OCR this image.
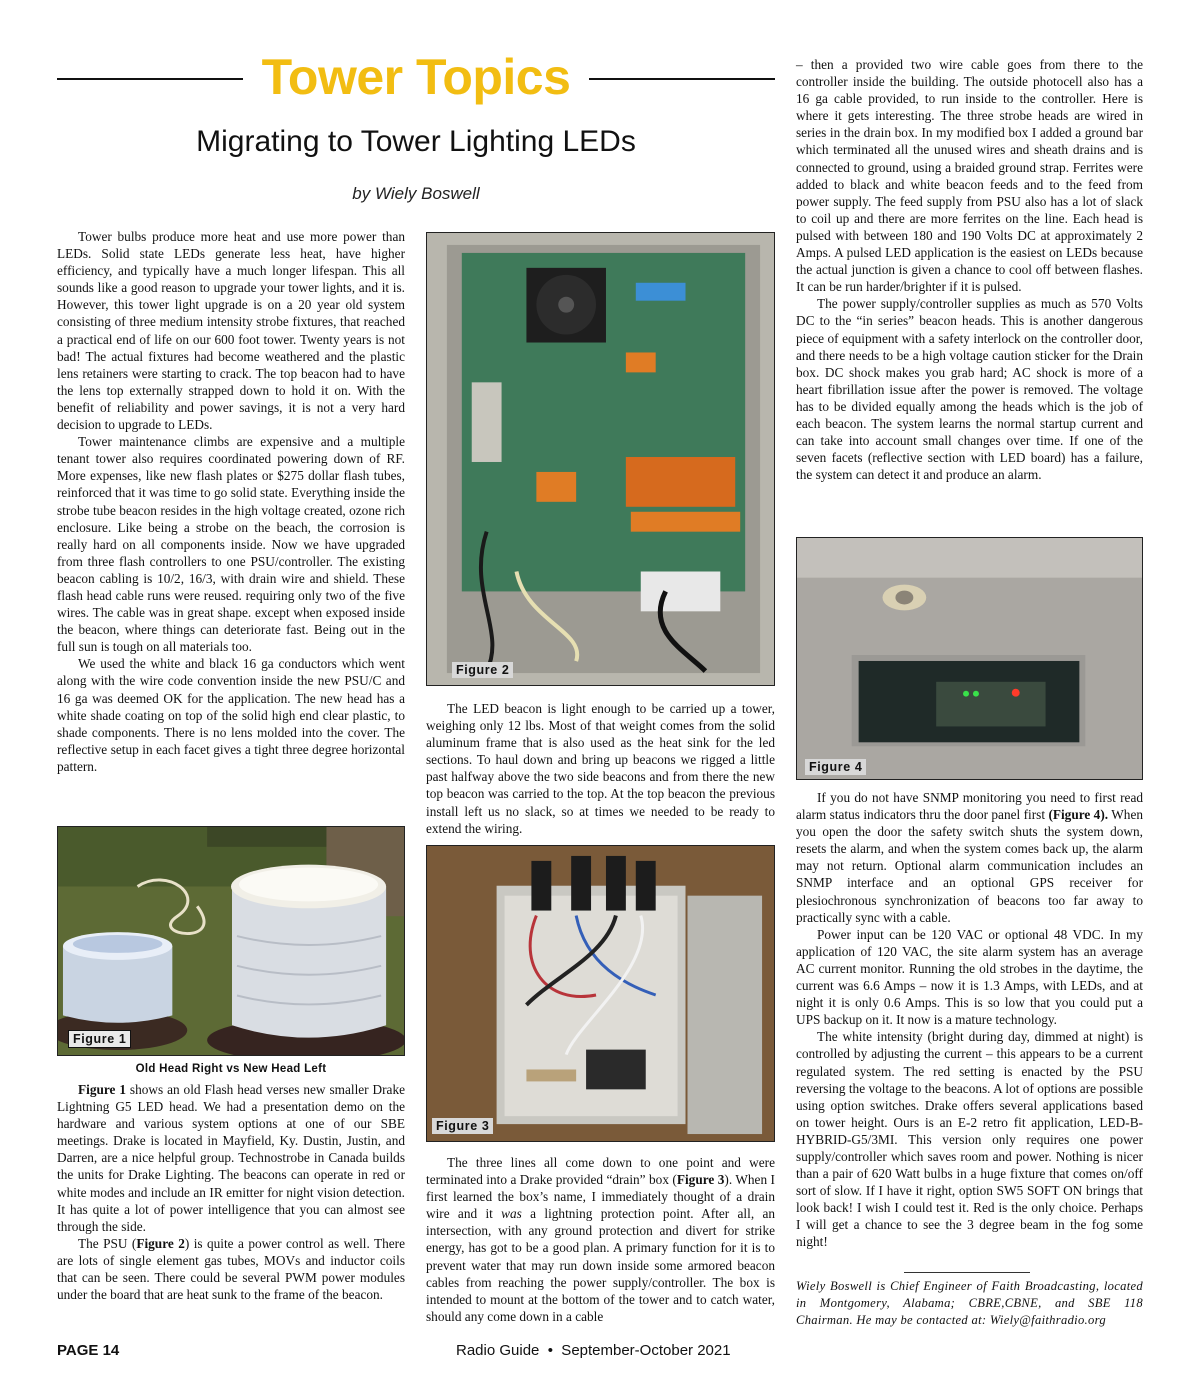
Tower Topics
Migrating to Tower Lighting LEDs
by Wiely Boswell

Tower bulbs produce more heat and use more power than LEDs. Solid state LEDs generate less heat, have higher efficiency, and typically have a much longer lifespan. This all sounds like a good reason to upgrade your tower lights, and it is. However, this tower light upgrade is on a 20 year old system consisting of three medium intensity strobe fixtures, that reached a practical end of life on our 600 foot tower. Twenty years is not bad! The actual fixtures had become weathered and the plastic lens retainers were starting to crack. The top beacon had to have the lens top externally strapped down to hold it on. With the benefit of reliability and power savings, it is not a very hard decision to upgrade to LEDs.

Tower maintenance climbs are expensive and a multiple tenant tower also requires coordinated powering down of RF. More expenses, like new flash plates or $275 dollar flash tubes, reinforced that it was time to go solid state. Everything inside the strobe tube beacon resides in the high voltage created, ozone rich enclosure. Like being a strobe on the beach, the corrosion is really hard on all components inside. Now we have upgraded from three flash controllers to one PSU/controller. The existing beacon cabling is 10/2, 16/3, with drain wire and shield. These flash head cable runs were reused. requiring only two of the five wires. The cable was in great shape. except when exposed inside the beacon, where things can deteriorate fast. Being out in the full sun is tough on all materials too.

We used the white and black 16 ga conductors which went along with the wire code convention inside the new PSU/C and 16 ga was deemed OK for the application. The new head has a white shade coating on top of the solid high end clear plastic, to shade components. There is no lens molded into the cover. The reflective setup in each facet gives a tight three degree horizontal pattern.

Figure 1
Old Head Right vs New Head Left

Figure 1 shows an old Flash head verses new smaller Drake Lightning G5 LED head. We had a presentation demo on the hardware and various system options at one of our SBE meetings. Drake is located in Mayfield, Ky. Dustin, Justin, and Darren, are a nice helpful group. Technostrobe in Canada builds the units for Drake Lighting. The beacons can operate in red or white modes and include an IR emitter for night vision detection. It has quite a lot of power intelligence that you can almost see through the side.

The PSU (Figure 2) is quite a power control as well. There are lots of single element gas tubes, MOVs and inductor coils that can be seen. There could be several PWM power modules under the board that are heat sunk to the frame of the beacon.

Figure 2

The LED beacon is light enough to be carried up a tower, weighing only 12 lbs. Most of that weight comes from the solid aluminum frame that is also used as the heat sink for the led sections. To haul down and bring up beacons we rigged a little past halfway above the two side beacons and from there the new top beacon was carried to the top. At the top beacon the previous install left us no slack, so at times we needed to be ready to extend the wiring.

Figure 3

The three lines all come down to one point and were terminated into a Drake provided “drain” box (Figure 3). When I first learned the box’s name, I immediately thought of a drain wire and it was a lightning protection point. After all, an intersection, with any ground protection and divert for strike energy, has got to be a good plan. A primary function for it is to prevent water that may run down inside some armored beacon cables from reaching the power supply/controller. The box is intended to mount at the bottom of the tower and to catch water, should any come down in a cable

– then a provided two wire cable goes from there to the controller inside the building. The outside photocell also has a 16 ga cable provided, to run inside to the controller. Here is where it gets interesting. The three strobe heads are wired in series in the drain box. In my modified box I added a ground bar which terminated all the unused wires and sheath drains and is connected to ground, using a braided ground strap. Ferrites were added to black and white beacon feeds and to the feed from power supply. The feed supply from PSU also has a lot of slack to coil up and there are more ferrites on the line. Each head is pulsed with between 180 and 190 Volts DC at approximately 2 Amps. A pulsed LED application is the easiest on LEDs because the actual junction is given a chance to cool off between flashes. It can be run harder/brighter if it is pulsed.

The power supply/controller supplies as much as 570 Volts DC to the “in series” beacon heads. This is another dangerous piece of equipment with a safety interlock on the controller door, and there needs to be a high voltage caution sticker for the Drain box. DC shock makes you grab hard; AC shock is more of a heart fibrillation issue after the power is removed. The voltage has to be divided equally among the heads which is the job of each beacon. The system learns the normal startup current and can take into account small changes over time. If one of the seven facets (reflective section with LED board) has a failure, the system can detect it and produce an alarm.

Figure 4

If you do not have SNMP monitoring you need to first read alarm status indicators thru the door panel first (Figure 4). When you open the door the safety switch shuts the system down, resets the alarm, and when the system comes back up, the alarm may not return. Optional alarm communication includes an SNMP interface and an optional GPS receiver for plesiochronous synchronization of beacons too far away to practically sync with a cable.

Power input can be 120 VAC or optional 48 VDC. In my application of 120 VAC, the site alarm system has an average AC current monitor. Running the old strobes in the daytime, the current was 6.6 Amps – now it is 1.3 Amps, with LEDs, and at night it is only 0.6 Amps. This is so low that you could put a UPS backup on it. It now is a mature technology.

The white intensity (bright during day, dimmed at night) is controlled by adjusting the current – this appears to be a current regulated system. The red setting is enacted by the PSU reversing the voltage to the beacons. A lot of options are possible using option switches. Drake offers several applications based on tower height. Ours is an E-2 retro fit application, LED-B-HYBRID-G5/3MI. This version only requires one power supply/controller which saves room and power. Nothing is nicer than a pair of 620 Watt bulbs in a huge fixture that comes on/off sort of slow. If I have it right, option SW5 SOFT ON brings that look back! I wish I could test it. Red is the only choice. Perhaps I will get a chance to see the 3 degree beam in the fog some night!

Wiely Boswell is Chief Engineer of Faith Broadcasting, located in Montgomery, Alabama; CBRE,CBNE, and SBE 118 Chairman. He may be contacted at: Wiely@faithradio.org
PAGE 14	Radio Guide  •  September-October 2021
